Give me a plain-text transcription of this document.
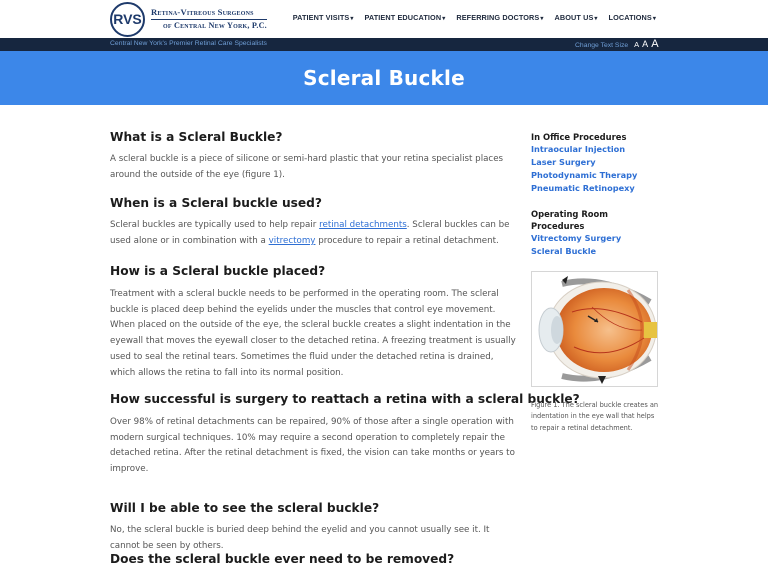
RVS	Retina-Vitreous Surgeons
of Central New York, P.C.
PATIENT VISITS▾ PATIENT EDUCATION▾ REFERRING DOCTORS▾ ABOUT US▾ LOCATIONS▾
Central New York's Premier Retinal Care Specialists	Change Text Size A A A
Scleral Buckle
What is a Scleral Buckle?

A scleral buckle is a piece of silicone or semi-hard plastic that your retina specialist places around the outside of the eye (figure 1).

When is a Scleral buckle used?

Scleral buckles are typically used to help repair retinal detachments. Scleral buckles can be used alone or in combination with a vitrectomy procedure to repair a retinal detachment.

How is a Scleral buckle placed?

Treatment with a scleral buckle needs to be performed in the operating room. The scleral buckle is placed deep behind the eyelids under the muscles that control eye movement. When placed on the outside of the eye, the scleral buckle creates a slight indentation in the eyewall that moves the eyewall closer to the detached retina. A freezing treatment is usually used to seal the retinal tears. Sometimes the fluid under the detached retina is drained, which allows the retina to fall into its normal position.

How successful is surgery to reattach a retina with a scleral buckle?

Over 98% of retinal detachments can be repaired, 90% of those after a single operation with modern surgical techniques. 10% may require a second operation to completely repair the detached retina. After the retinal detachment is fixed, the vision can take months or years to improve.

Will I be able to see the scleral buckle?

No, the scleral buckle is buried deep behind the eyelid and you cannot usually see it. It cannot be seen by others.

Does the scleral buckle ever need to be removed?
In Office Procedures
Intraocular Injection
Laser Surgery
Photodynamic Therapy
Pneumatic Retinopexy
Operating Room Procedures
Vitrectomy Surgery
Scleral Buckle
Figure 1. The scleral buckle creates an indentation in the eye wall that helps to repair a retinal detachment.
